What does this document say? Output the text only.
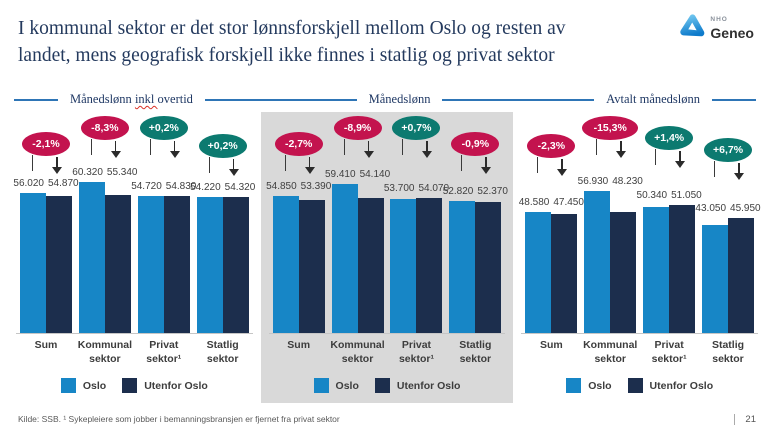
I kommunal sektor er det stor lønnsforskjell mellom Oslo og resten av
landet, mens geografisk forskjell ikke finnes i statlig og privat sektor
NHO
Geneo
Månedslønn inkl overtid	Månedslønn	Avtalt månedslønn
-2,1%
56.020 54.870
-8,3%
60.320 55.340
+0,2%
54.720 54.830
+0,2%
54.220 54.320
Sum	Kommunal
sektor
Privat
sektor¹
Statlig
sektor
Oslo	Utenfor Oslo
-2,7%
54.850 53.390
-8,9%
59.410 54.140
+0,7%
53.700 54.070
-0,9%
52.820 52.370
Sum	Kommunal
sektor
Privat
sektor¹
Statlig
sektor
Oslo	Utenfor Oslo
-2,3%
48.580 47.450
-15,3%
56.930 48.230
+1,4%
50.340 51.050
+6,7%
43.050 45.950
Sum	Kommunal
sektor
Privat
sektor¹
Statlig
sektor
Oslo	Utenfor Oslo
Kilde: SSB. ¹ Sykepleiere som jobber i bemanningsbransjen er fjernet fra privat sektor	21
